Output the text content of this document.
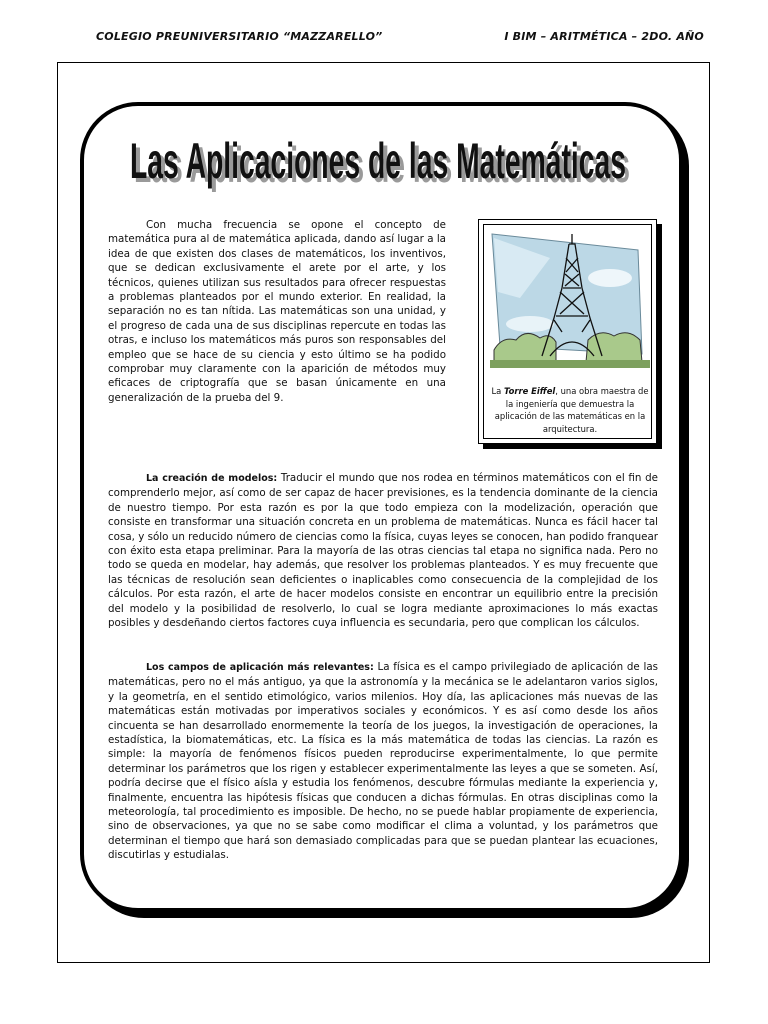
COLEGIO PREUNIVERSITARIO “MAZZARELLO”	I BIM – ARITMÉTICA – 2DO. AÑO
Las Aplicaciones de las Matemáticas
Las Aplicaciones de las Matemáticas

Con mucha frecuencia se opone el concepto de matemática pura al de matemática aplicada, dando así lugar a la idea de que existen dos clases de matemáticos, los inventivos, que se dedican exclusivamente el arete por el arte, y los técnicos, quienes utilizan sus resultados para ofrecer respuestas a problemas planteados por el mundo exterior. En realidad, la separación no es tan nítida. Las matemáticas son una unidad, y el progreso de cada una de sus disciplinas repercute en todas las otras, e incluso los matemáticos más puros son responsables del empleo que se hace de su ciencia y esto último se ha podido comprobar muy claramente con la aparición de métodos muy eficaces de criptografía que se basan únicamente en una generalización de la prueba del 9.

La Torre Eiffel, una obra maestra de la ingeniería que demuestra la aplicación de las matemáticas en la arquitectura.

La creación de modelos: Traducir el mundo que nos rodea en términos matemáticos con el fin de comprenderlo mejor, así como de ser capaz de hacer previsiones, es la tendencia dominante de la ciencia de nuestro tiempo. Por esta razón es por la que todo empieza con la modelización, operación que consiste en transformar una situación concreta en un problema de matemáticas. Nunca es fácil hacer tal cosa, y sólo un reducido número de ciencias como la física, cuyas leyes se conocen, han podido franquear con éxito esta etapa preliminar. Para la mayoría de las otras ciencias tal etapa no significa nada. Pero no todo se queda en modelar, hay además, que resolver los problemas planteados. Y es muy frecuente que las técnicas de resolución sean deficientes o inaplicables como consecuencia de la complejidad de los cálculos. Por esta razón, el arte de hacer modelos consiste en encontrar un equilibrio entre la precisión del modelo y la posibilidad de resolverlo, lo cual se logra mediante aproximaciones lo más exactas posibles y desdeñando ciertos factores cuya influencia es secundaria, pero que complican los cálculos.

Los campos de aplicación más relevantes: La física es el campo privilegiado de aplicación de las matemáticas, pero no el más antiguo, ya que la astronomía y la mecánica se le adelantaron varios siglos, y la geometría, en el sentido etimológico, varios milenios. Hoy día, las aplicaciones más nuevas de las matemáticas están motivadas por imperativos sociales y económicos. Y es así como desde los años cincuenta se han desarrollado enormemente la teoría de los juegos, la investigación de operaciones, la estadística, la biomatemáticas, etc. La física es la más matemática de todas las ciencias. La razón es simple: la mayoría de fenómenos físicos pueden reproducirse experimentalmente, lo que permite determinar los parámetros que los rigen y establecer experimentalmente las leyes a que se someten. Así, podría decirse que el físico aísla y estudia los fenómenos, descubre fórmulas mediante la experiencia y, finalmente, encuentra las hipótesis físicas que conducen a dichas fórmulas. En otras disciplinas como la meteorología, tal procedimiento es imposible. De hecho, no se puede hablar propiamente de experiencia, sino de observaciones, ya que no se sabe como modificar el clima a voluntad, y los parámetros que determinan el tiempo que hará son demasiado complicadas para que se puedan plantear las ecuaciones, discutirlas y estudialas.
